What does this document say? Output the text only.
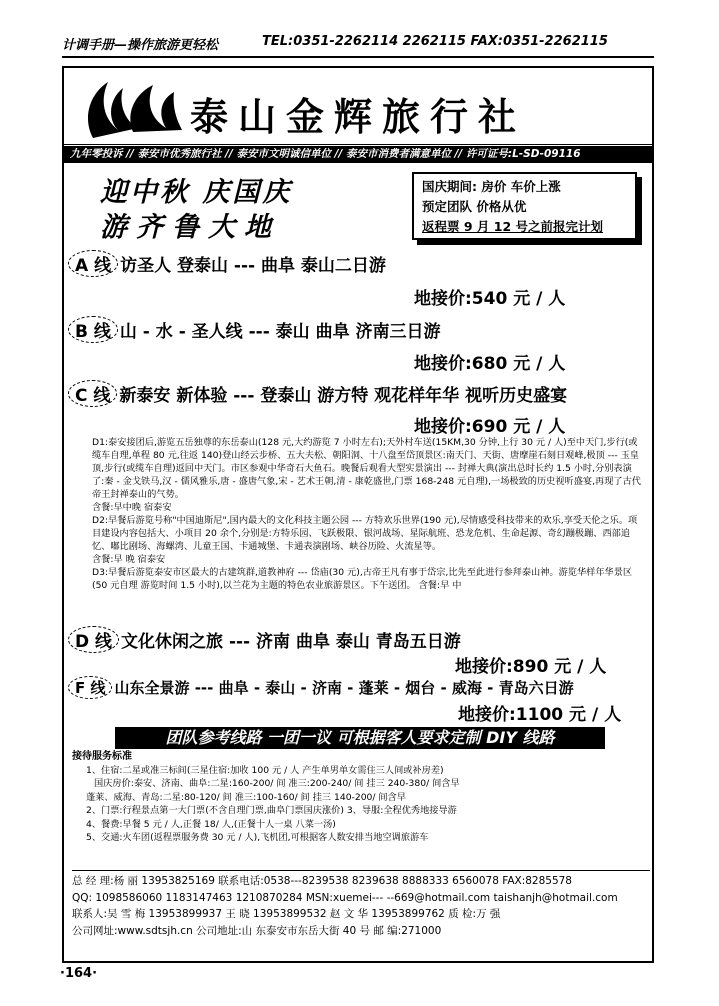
计调手册—操作旅游更轻松	TEL:0351-2262114 2262115 FAX:0351-2262115
泰山金辉旅行社
九年零投诉 // 泰安市优秀旅行社 // 泰安市文明诚信单位 // 泰安市消费者满意单位 // 许可证号:L-SD-09116
迎中秋 庆国庆
游齐鲁大地
国庆期间: 房价 车价上涨
预定团队 价格从优
返程票 9 月 12 号之前报完计划
A 线 访圣人 登泰山 --- 曲阜 泰山二日游
地接价:540 元 / 人
B 线 山 - 水 - 圣人线 --- 泰山 曲阜 济南三日游
地接价:680 元 / 人
C 线 新泰安 新体验 --- 登泰山 游方特 观花样年华 视听历史盛宴
地接价:690 元 / 人
D1:泰安接团后,游览五岳独尊的东岳泰山(128 元,大约游览 7 小时左右);天外村车送(15KM,30 分钟,上行 30 元 / 人)至中天门,步行(或缆车自理,单程 80 元,往返 140)登山经云步桥、五大夫松、朝阳洞、十八盘至岱顶景区:南天门、天街、唐摩崖石刻日观峰,极顶 --- 玉皇顶,步行(或缆车自理)返回中天门。市区参观中华奇石大鱼石。晚餐后观看大型实景演出 --- 封禅大典(演出总时长约 1.5 小时,分别表演了:秦 - 金戈铁马,汉 - 儒风雅乐,唐 - 盛唐气象,宋 - 艺术王朝,清 - 康乾盛世,门票 168-248 元自理),一场极致的历史视听盛宴,再现了古代帝王封禅泰山的气势。
含餐:早中晚 宿泰安
D2:早餐后游览号称"中国迪斯尼",国内最大的文化科技主题公园 --- 方特欢乐世界(190 元),尽情感受科技带来的欢乐,享受天伦之乐。项目建设内容包括大、小项目 20 余个,分别是:方特乐园、飞跃极限、银河战场、星际航班、恐龙危机、生命起源、奇幻蹦极蹦、西部追忆、嘟比剧场、海螺湾、儿童王国、卡通城堡、卡通表演剧场、峡谷历险、火流星等。
含餐:早 晚 宿泰安
D3:早餐后游览泰安市区最大的古建筑群,道教神府 --- 岱庙(30 元),古帝王凡有事于岱宗,比先至此进行参拜泰山神。游览华样年华景区(50 元自理 游览时间 1.5 小时),以兰花为主题的特色农业旅游景区。下午送团。 含餐:早 中
D 线 文化休闲之旅 --- 济南 曲阜 泰山 青岛五日游
地接价:890 元 / 人
F 线 山东全景游 --- 曲阜 - 泰山 - 济南 - 蓬莱 - 烟台 - 威海 - 青岛六日游
地接价:1100 元 / 人
团队参考线路 一团一议 可根据客人要求定制 DIY 线路
接待服务标准
1、住宿:二星或准三标间(三星住宿:加收 100 元 / 人 产生单男单女需住三人间或补房差)
国庆房价:泰安、济南、曲阜:二星:160-200/ 间 准三:200-240/ 间 挂三 240-380/ 间含早
蓬莱、威海、青岛:二星:80-120/ 间 准三:100-160/ 间 挂三 140-200/ 间含早
2、门票:行程景点第一大门票(不含自理门票,曲阜门票国庆涨价) 3、导服:全程优秀地接导游
4、餐费:早餐 5 元 / 人,正餐 18/ 人,(正餐十人一桌 八菜一汤)
5、交通:火车团(返程票服务费 30 元 / 人),飞机团,可根据客人数安排当地空调旅游车
总 经 理:杨 丽 13953825169 联系电话:0538---8239538 8239638 8888333 6560078 FAX:8285578
QQ: 1098586060 1183147463 1210870284 MSN:xuemei--- --669@hotmail.com taishanjh@hotmail.com
联系人:吴 雪 梅 13953899937 王 晓 13953899532 赵 文 华 13953899762 质 检:万 强
公司网址:www.sdtsjh.cn 公司地址:山 东泰安市东岳大街 40 号 邮 编:271000
·164·
